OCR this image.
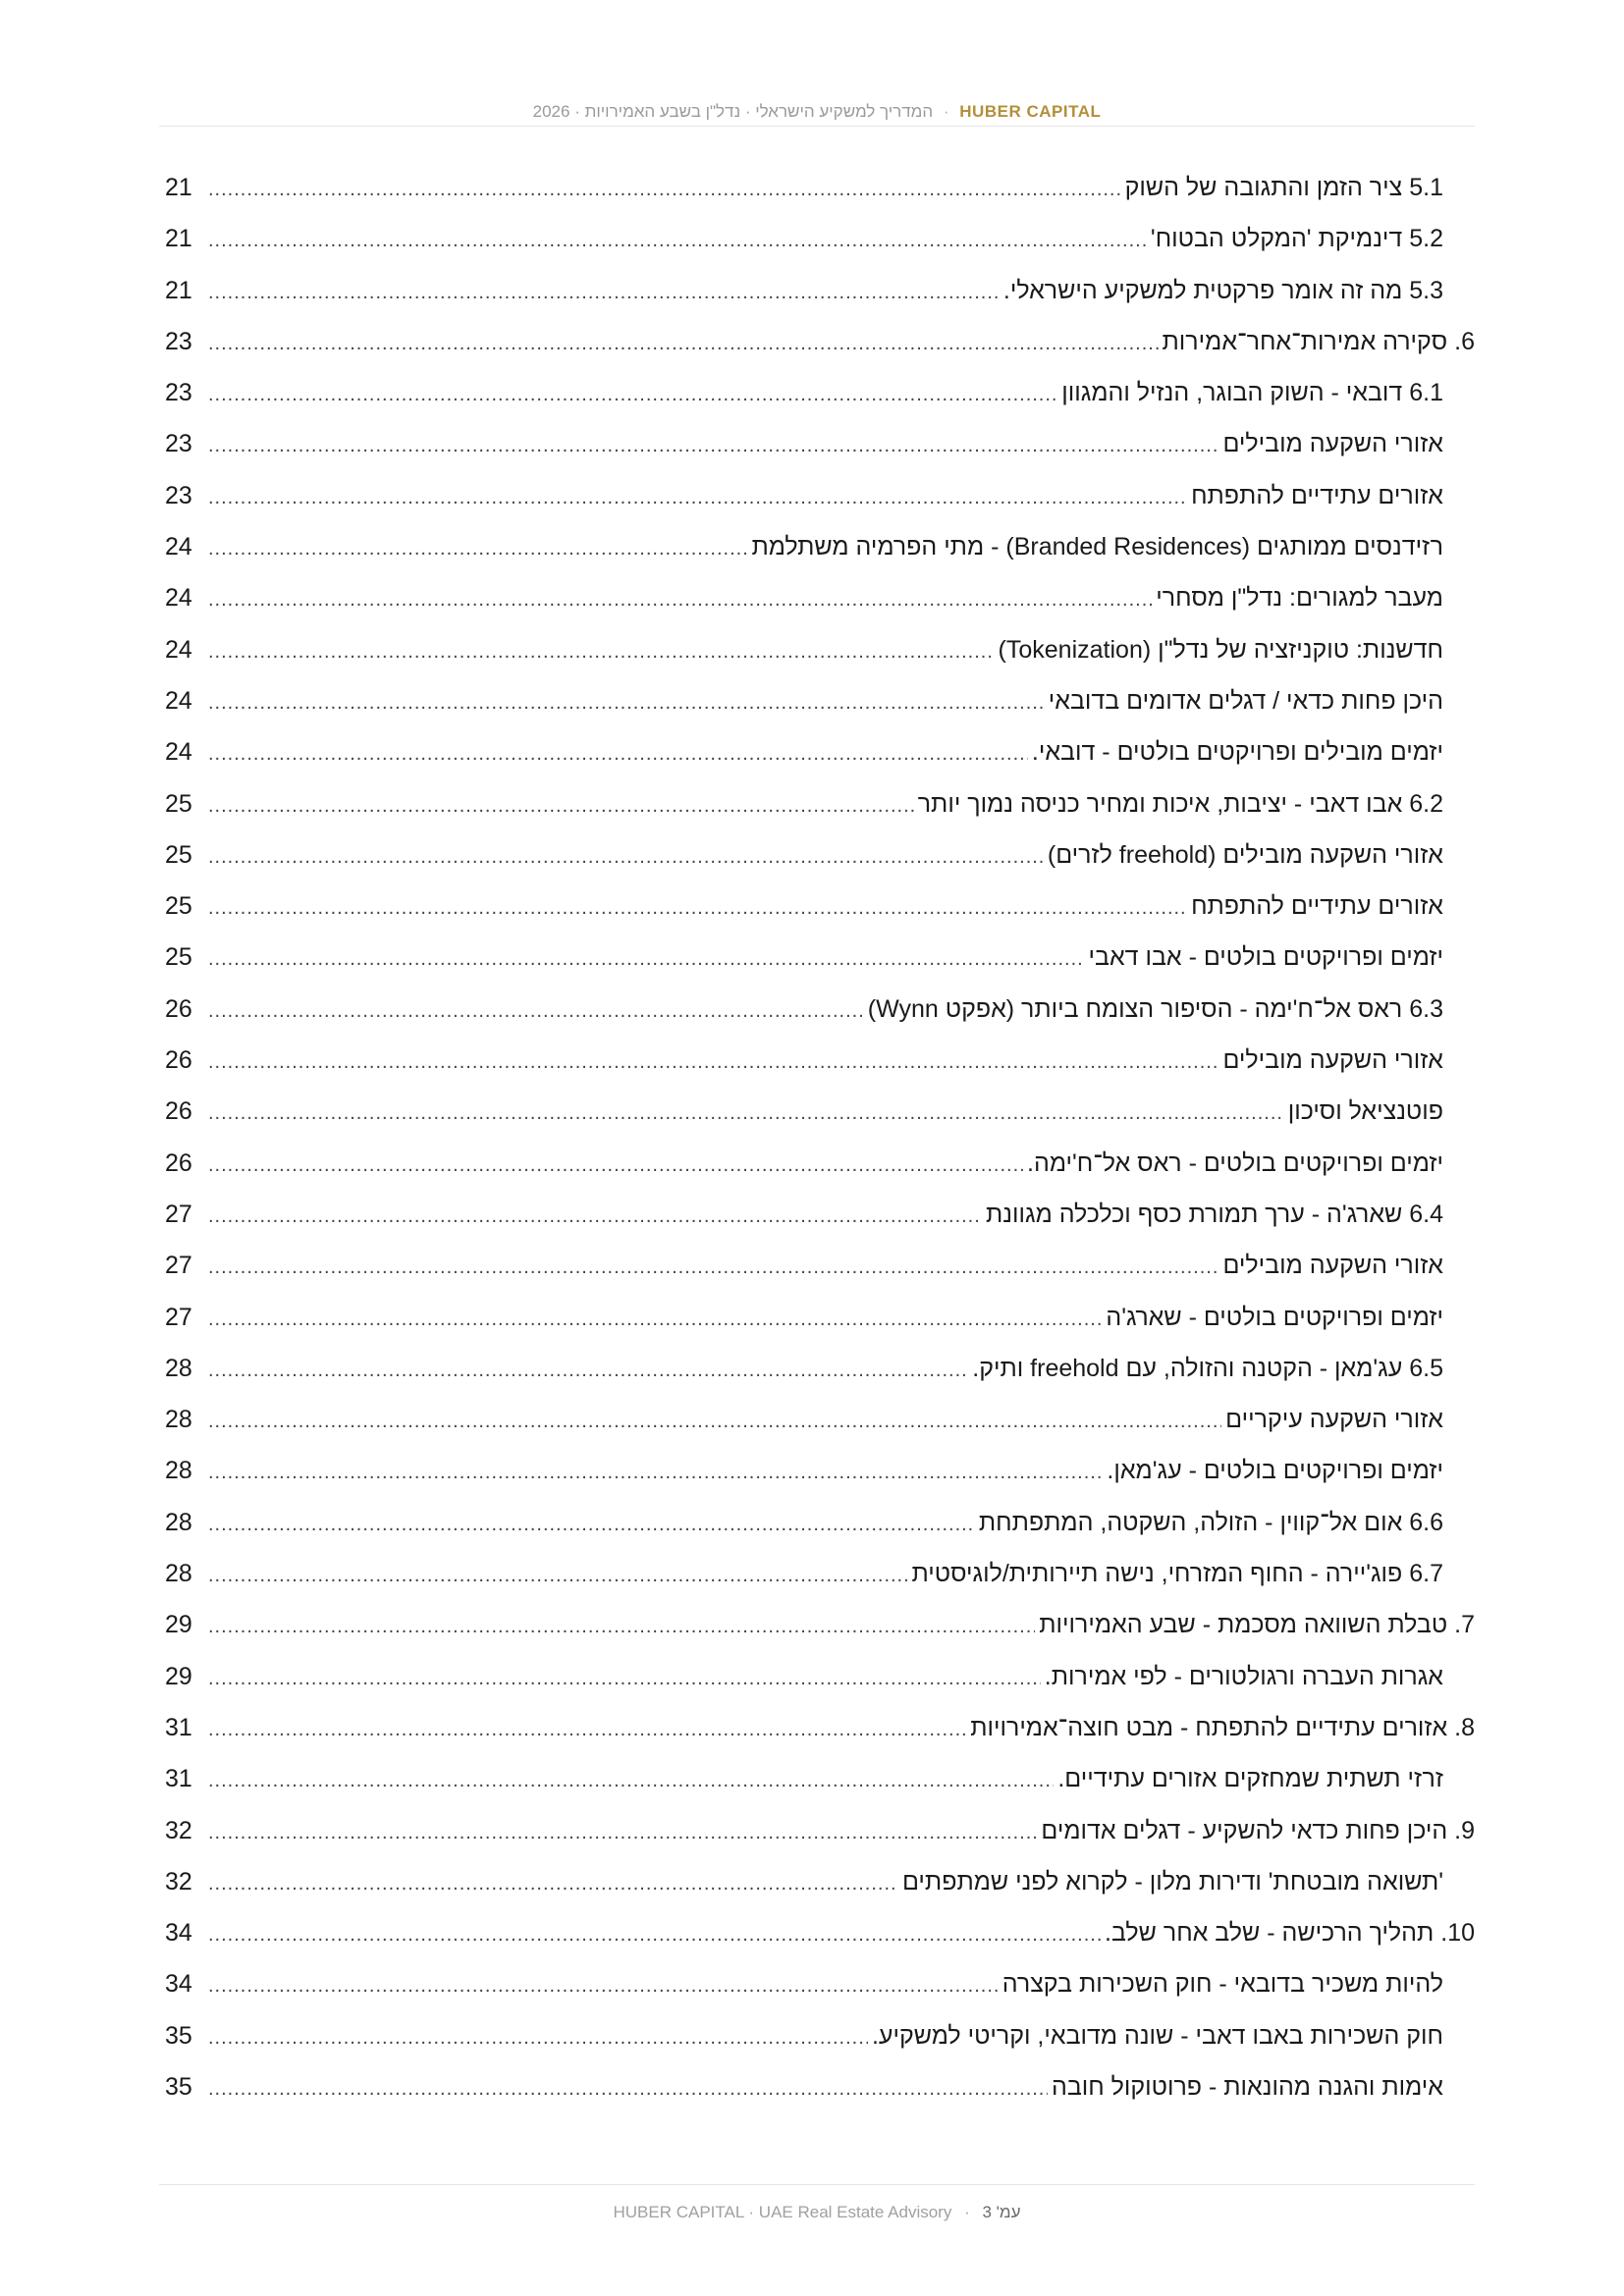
המדריך למשקיע הישראלי · נדל"ן בשבע האמירויות · 2026 · HUBER CAPITAL
5.1 ציר הזמן והתגובה של השוק
.....
21
5.2 דינמיקת 'המקלט הבטוח'
.....
21
5.3 מה זה אומר פרקטית למשקיע הישראלי.
.....
21
6. סקירה אמירות־אחר־אמירות
.....
23
6.1 דובאי - השוק הבוגר, הנזיל והמגוון
.....
23
אזורי השקעה מובילים
.....
23
אזורים עתידיים להתפתח
.....
23
רזידנסים ממותגים (Branded Residences) - מתי הפרמיה משתלמת
.....
24
מעבר למגורים: נדל"ן מסחרי
.....
24
חדשנות: טוקניזציה של נדל"ן (Tokenization)
.....
24
היכן פחות כדאי / דגלים אדומים בדובאי
.....
24
יזמים מובילים ופרויקטים בולטים - דובאי.
.....
24
6.2 אבו דאבי - יציבות, איכות ומחיר כניסה נמוך יותר
.....
25
אזורי השקעה מובילים (freehold לזרים)
.....
25
אזורים עתידיים להתפתח
.....
25
יזמים ופרויקטים בולטים - אבו דאבי
.....
25
6.3 ראס אל־ח'ימה - הסיפור הצומח ביותר (אפקט Wynn)
.....
26
אזורי השקעה מובילים
.....
26
פוטנציאל וסיכון
.....
26
יזמים ופרויקטים בולטים - ראס אל־ח'ימה.
.....
26
6.4 שארג'ה - ערך תמורת כסף וכלכלה מגוונת
.....
27
אזורי השקעה מובילים
.....
27
יזמים ופרויקטים בולטים - שארג'ה
.....
27
6.5 עג'מאן - הקטנה והזולה, עם freehold ותיק.
.....
28
אזורי השקעה עיקריים
.....
28
יזמים ופרויקטים בולטים - עג'מאן.
.....
28
6.6 אום אל־קווין - הזולה, השקטה, המתפתחת
.....
28
6.7 פוג'יירה - החוף המזרחי, נישה תיירותית/לוגיסטית
.....
28
7. טבלת השוואה מסכמת - שבע האמירויות
.....
29
אגרות העברה ורגולטורים - לפי אמירות.
.....
29
8. אזורים עתידיים להתפתח - מבט חוצה־אמירויות
.....
31
זרזי תשתית שמחזקים אזורים עתידיים.
.....
31
9. היכן פחות כדאי להשקיע - דגלים אדומים
.....
32
'תשואה מובטחת' ודירות מלון - לקרוא לפני שמתפתים
.....
32
10. תהליך הרכישה - שלב אחר שלב.
.....
34
להיות משכיר בדובאי - חוק השכירות בקצרה
.....
34
חוק השכירות באבו דאבי - שונה מדובאי, וקריטי למשקיע.
.....
35
אימות והגנה מהונאות - פרוטוקול חובה
.....
35
HUBER CAPITAL · UAE Real Estate Advisory · עמ' 3
